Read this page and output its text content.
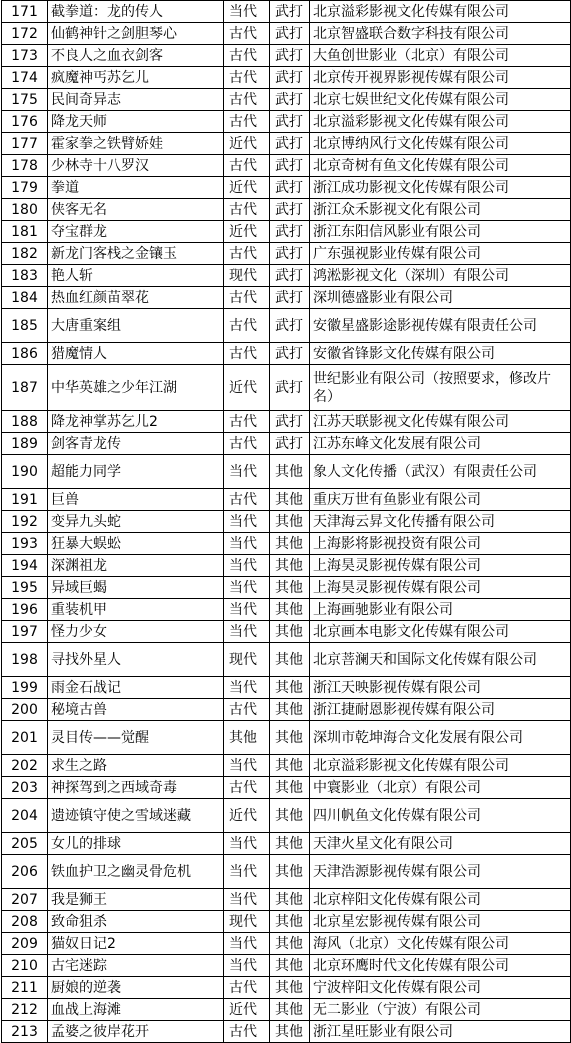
171	截拳道：龙的传人	当代	武打	北京溢彩影视文化传媒有限公司
172	仙鹤神针之剑胆琴心	古代	武打	北京智盛联合数字科技有限公司
173	不良人之血衣剑客	古代	武打	大鱼创世影业（北京）有限公司
174	疯魔神丐苏乞儿	古代	武打	北京传开视界影视传媒有限公司
175	民间奇异志	古代	武打	北京七娱世纪文化传媒有限公司
176	降龙天师	古代	武打	北京溢彩影视文化传媒有限公司
177	霍家拳之铁臂娇娃	近代	武打	北京博纳风行文化传媒有限公司
178	少林寺十八罗汉	古代	武打	北京奇树有鱼文化传媒有限公司
179	拳道	近代	武打	浙江成功影视文化传媒有限公司
180	侠客无名	古代	武打	浙江众禾影视文化有限公司
181	夺宝群龙	近代	武打	浙江东阳信风影业有限公司
182	新龙门客栈之金镶玉	古代	武打	广东强视影业传媒有限公司
183	艳人斩	现代	武打	鸿淞影视文化（深圳）有限公司
184	热血红颜苗翠花	古代	武打	深圳德盛影业有限公司
185	大唐重案组	古代	武打	安徽星盛影途影视传媒有限责任公司
186	猎魔情人	古代	武打	安徽省锋影文化传媒有限公司
187	中华英雄之少年江湖	近代	武打	世纪影业有限公司（按照要求，修改片名）
188	降龙神掌苏乞儿2	古代	武打	江苏天联影视文化传媒有限公司
189	剑客青龙传	古代	武打	江苏东峰文化发展有限公司
190	超能力同学	当代	其他	象人文化传播（武汉）有限责任公司
191	巨兽	古代	其他	重庆万世有鱼影业有限公司
192	变异九头蛇	当代	其他	天津海云昇文化传播有限公司
193	狂暴大蜈蚣	当代	其他	上海影将影视投资有限公司
194	深渊祖龙	当代	其他	上海昊灵影视传媒有限公司
195	异域巨蝎	当代	其他	上海昊灵影视传媒有限公司
196	重装机甲	当代	其他	上海画驰影业有限公司
197	怪力少女	当代	其他	北京画本电影文化传媒有限公司
198	寻找外星人	现代	其他	北京菩澜天和国际文化传媒有限公司
199	雨金石战记	当代	其他	浙江天映影视传媒有限公司
200	秘境古兽	古代	其他	浙江捷耐恩影视传媒有限公司
201	灵目传——觉醒	其他	其他	深圳市乾坤海合文化发展有限公司
202	求生之路	当代	其他	北京溢彩影视文化传媒有限公司
203	神探驾到之西域奇毒	古代	其他	中寰影业（北京）有限公司
204	遗迹镇守使之雪域迷藏	近代	其他	四川帆鱼文化传媒有限公司
205	女儿的排球	当代	其他	天津火星文化有限公司
206	铁血护卫之幽灵骨危机	当代	其他	天津浩源影视传媒有限公司
207	我是狮王	当代	其他	北京梓阳文化传媒有限公司
208	致命狙杀	现代	其他	北京星宏影视传媒有限公司
209	猫奴日记2	当代	其他	海风（北京）文化传媒有限公司
210	古宅迷踪	当代	其他	北京环鹰时代文化传媒有限公司
211	厨娘的逆袭	古代	其他	宁波梓阳文化传媒有限公司
212	血战上海滩	近代	其他	无二影业（宁波）有限公司
213	孟婆之彼岸花开	古代	其他	浙江星旺影业有限公司
